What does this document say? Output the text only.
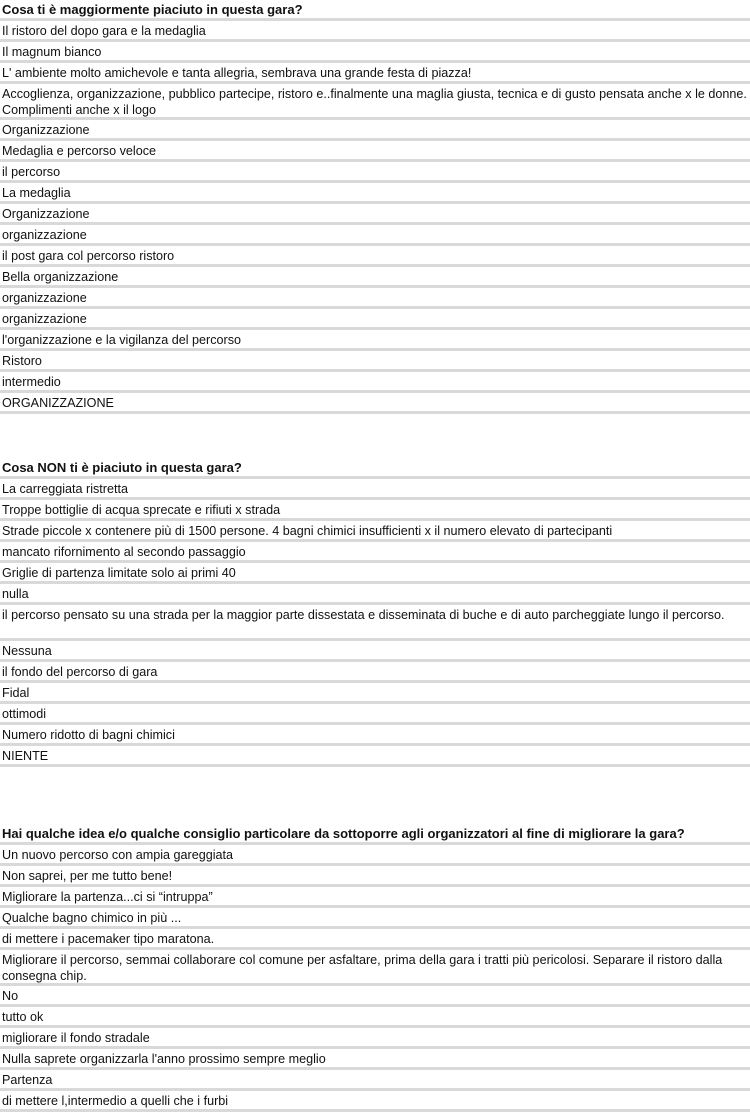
Cosa ti è maggiormente piaciuto in questa gara?
Il ristoro del dopo gara e la medaglia
Il magnum bianco
L' ambiente molto amichevole e tanta allegria, sembrava una grande festa di piazza!
Accoglienza, organizzazione, pubblico partecipe, ristoro e..finalmente una maglia giusta, tecnica e di gusto pensata anche x le donne. Complimenti anche x il logo
Organizzazione
Medaglia e percorso veloce
il percorso
La medaglia
Organizzazione
organizzazione
il post gara col percorso ristoro
Bella organizzazione
organizzazione
organizzazione
l'organizzazione e la vigilanza del percorso
Ristoro
intermedio
ORGANIZZAZIONE
Cosa NON ti è piaciuto in questa gara?
La carreggiata ristretta
Troppe bottiglie di acqua sprecate e rifiuti x strada
Strade piccole x contenere più di 1500 persone. 4 bagni chimici insufficienti x il numero elevato di partecipanti
mancato rifornimento al secondo passaggio
Griglie di partenza limitate solo ai primi 40
nulla
il percorso pensato su una strada per la maggior parte dissestata e disseminata di buche e di auto parcheggiate lungo il percorso.
Nessuna
il fondo del percorso di gara
Fidal
ottimodi
Numero ridotto di bagni chimici
NIENTE
Hai qualche idea e/o qualche consiglio particolare da sottoporre agli organizzatori al fine di migliorare la gara?
Un nuovo percorso con ampia gareggiata
Non saprei, per me tutto bene!
Migliorare la partenza...ci si “intruppa”
Qualche bagno chimico in più ...
di mettere i pacemaker tipo maratona.
Migliorare il percorso, semmai collaborare col comune per asfaltare, prima della gara i tratti più pericolosi. Separare il ristoro dalla consegna chip.
No
tutto ok
migliorare il fondo stradale
Nulla saprete organizzarla l'anno prossimo sempre meglio
Partenza
di mettere l,intermedio a quelli che i furbi
